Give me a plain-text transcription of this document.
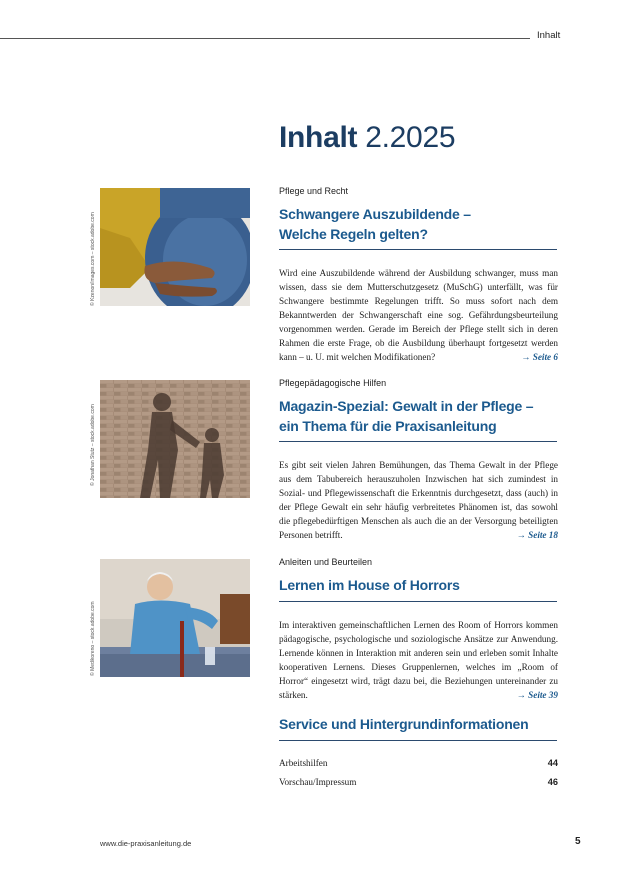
Inhalt
Inhalt 2.2025
© Kzenon/images.com – stock.adobe.com
Pflege und Recht
Schwangere Auszubildende –
Welche Regeln gelten?

Wird eine Auszubildende während der Ausbildung schwanger, muss man wissen, dass sie dem Mutterschutzgesetz (MuSchG) unterfällt, was für Schwangere bestimmte Regelungen trifft. So muss sofort nach dem Bekanntwerden der Schwangerschaft eine sog. Gefährdungsbeurteilung vorgenommen werden. Gerade im Bereich der Pflege stellt sich in deren Rahmen die erste Frage, ob die Ausbildung überhaupt fortgesetzt werden kann – u. U. mit welchen Modifikationen?	→ Seite 6

© Jonathan Stutz – stock.adobe.com
Pflegepädagogische Hilfen
Magazin-Spezial: Gewalt in der Pflege –
ein Thema für die Praxisanleitung

Es gibt seit vielen Jahren Bemühungen, das Thema Gewalt in der Pflege aus dem Tabubereich herauszuholen Inzwischen hat sich zumindest in Sozial- und Pflegewissenschaft die Erkenntnis durchgesetzt, dass (auch) in der Pflege Gewalt ein sehr häufig verbreitetes Phänomen ist, das sowohl die pflegebedürftigen Menschen als auch die an der Versorgung beteiligten Personen betrifft.	→ Seite 18

© Medikoreno – stock.adobe.com
Anleiten und Beurteilen
Lernen im House of Horrors

Im interaktiven gemeinschaftlichen Lernen des Room of Horrors kommen pädagogische, psychologische und soziologische Ansätze zur Anwendung. Lernende können in Interaktion mit anderen sein und erleben somit Inhalte kooperativen Lernens. Dieses Gruppenlernen, welches im „Room of Horror“ eingesetzt wird, trägt dazu bei, die Beziehungen untereinander zu stärken.	→ Seite 39

Service und Hintergrundinformationen
Arbeitshilfen	44
Vorschau/Impressum	46
www.die-praxisanleitung.de	5
